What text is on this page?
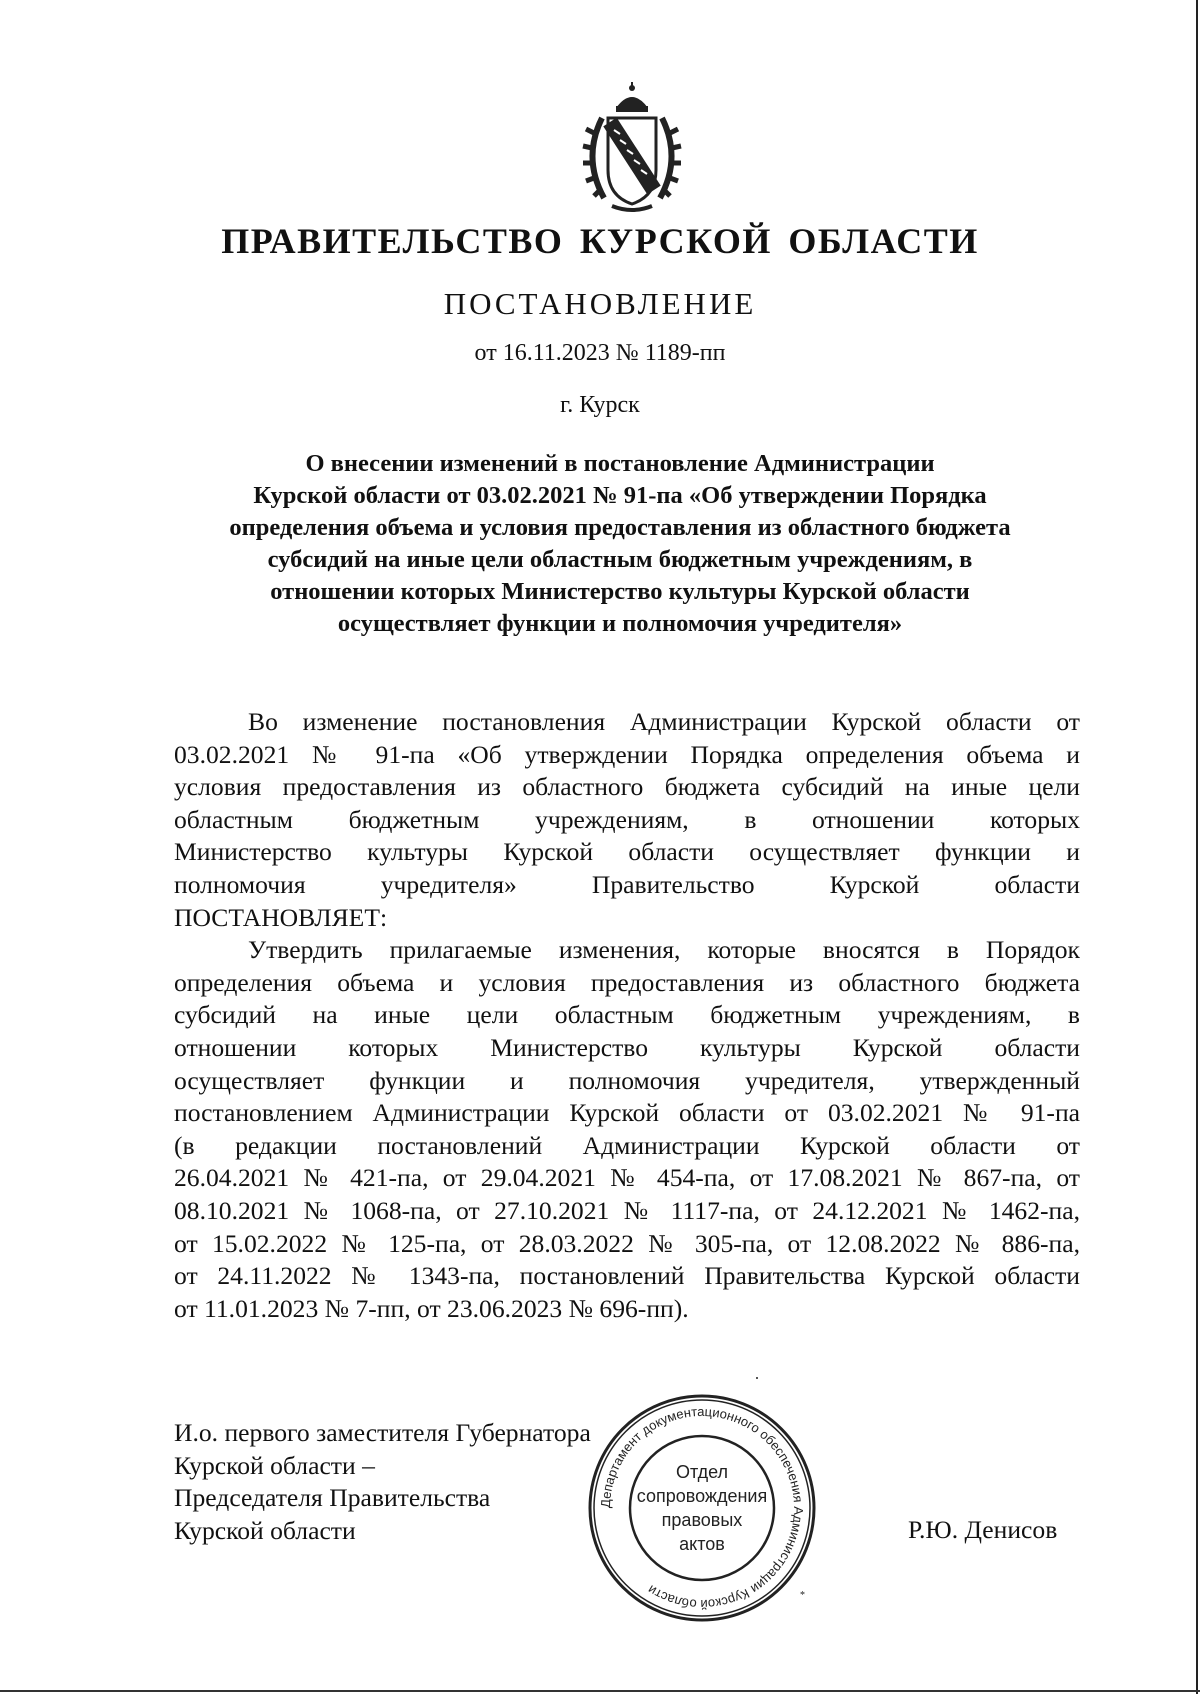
ПРАВИТЕЛЬСТВО КУРСКОЙ ОБЛАСТИ
ПОСТАНОВЛЕНИЕ
от 16.11.2023 № 1189-пп
г. Курск
О внесении изменений в постановление Администрации
Курской области от 03.02.2021 № 91-па «Об утверждении Порядка
определения объема и условия предоставления из областного бюджета
субсидий на иные цели областным бюджетным учреждениям, в
отношении которых Министерство культуры Курской области
осуществляет функции и полномочия учредителя»
Во изменение постановления Администрации Курской области от
03.02.2021 № 91-па «Об утверждении Порядка определения объема и
условия предоставления из областного бюджета субсидий на иные цели
областным бюджетным учреждениям, в отношении которых
Министерство культуры Курской области осуществляет функции и
полномочия учредителя» Правительство Курской области
ПОСТАНОВЛЯЕТ:
Утвердить прилагаемые изменения, которые вносятся в Порядок
определения объема и условия предоставления из областного бюджета
субсидий на иные цели областным бюджетным учреждениям, в
отношении которых Министерство культуры Курской области
осуществляет функции и полномочия учредителя, утвержденный
постановлением Администрации Курской области от 03.02.2021 № 91-па
(в редакции постановлений Администрации Курской области от
26.04.2021 № 421-па, от 29.04.2021 № 454-па, от 17.08.2021 № 867-па, от
08.10.2021 № 1068-па, от 27.10.2021 № 1117-па, от 24.12.2021 № 1462-па,
от 15.02.2022 № 125-па, от 28.03.2022 № 305-па, от 12.08.2022 № 886-па,
от 24.11.2022 № 1343-па, постановлений Правительства Курской области
от 11.01.2023 № 7-пп, от 23.06.2023 № 696-пп).
И.о. первого заместителя Губернатора
Курской области –
Председателя Правительства
Курской области
Департамент документационного обеспечения Администрации Курской области	*
Отдел
сопровождения
правовых
актов	Р.Ю. Денисов
